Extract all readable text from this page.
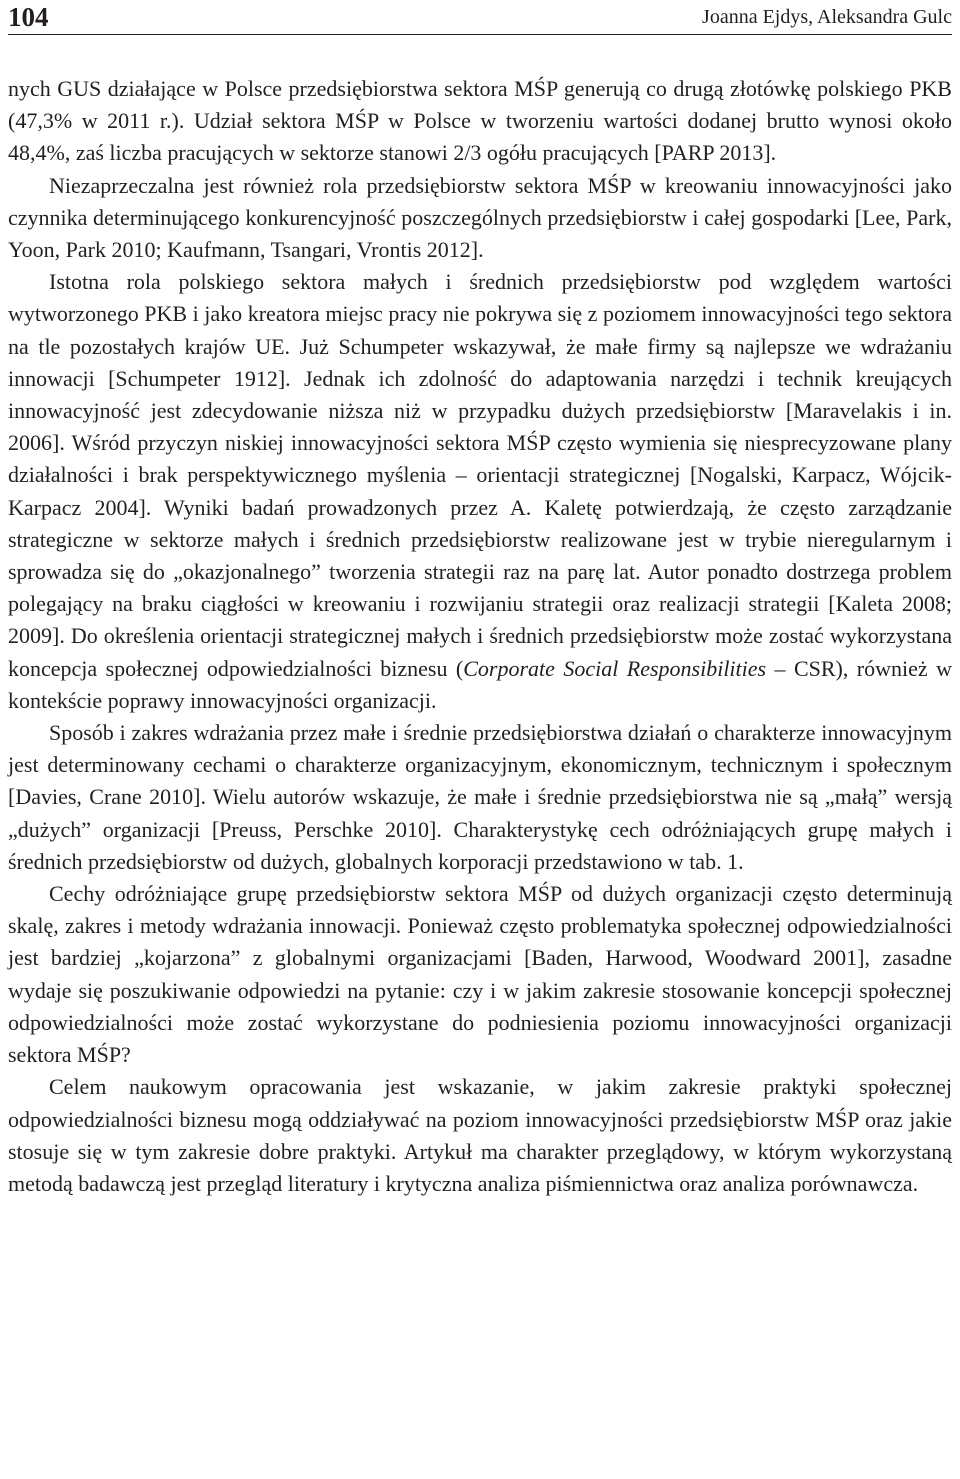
104	Joanna Ejdys, Aleksandra Gulc

nych GUS działające w Polsce przedsiębiorstwa sektora MŚP generują co drugą złotówkę polskiego PKB (47,3% w 2011 r.). Udział sektora MŚP w Polsce w tworzeniu wartości dodanej brutto wynosi około 48,4%, zaś liczba pracujących w sektorze stanowi 2/3 ogółu pracujących [PARP 2013].

Niezaprzeczalna jest również rola przedsiębiorstw sektora MŚP w kreowaniu innowacyjności jako czynnika determinującego konkurencyjność poszczególnych przedsiębiorstw i całej gospodarki [Lee, Park, Yoon, Park 2010; Kaufmann, Tsangari, Vrontis 2012].

Istotna rola polskiego sektora małych i średnich przedsiębiorstw pod względem wartości wytworzonego PKB i jako kreatora miejsc pracy nie pokrywa się z poziomem innowacyjności tego sektora na tle pozostałych krajów UE. Już Schumpeter wskazywał, że małe firmy są najlepsze we wdrażaniu innowacji [Schumpeter 1912]. Jednak ich zdolność do adaptowania narzędzi i technik kreujących innowacyjność jest zdecydowanie niższa niż w przypadku dużych przedsiębiorstw [Maravelakis i in. 2006]. Wśród przyczyn niskiej innowacyjności sektora MŚP często wymienia się niesprecyzowane plany działalności i brak perspektywicznego myślenia – orientacji strategicznej [Nogalski, Karpacz, Wójcik-Karpacz 2004]. Wyniki badań prowadzonych przez A. Kaletę potwierdzają, że często zarządzanie strategiczne w sektorze małych i średnich przedsiębiorstw realizowane jest w trybie nieregularnym i sprowadza się do „okazjonalnego” tworzenia strategii raz na parę lat. Autor ponadto dostrzega problem polegający na braku ciągłości w kreowaniu i rozwijaniu strategii oraz realizacji strategii [Kaleta 2008; 2009]. Do określenia orientacji strategicznej małych i średnich przedsiębiorstw może zostać wykorzystana koncepcja społecznej odpowiedzialności biznesu (Corporate Social Responsibilities – CSR), również w kontekście poprawy innowacyjności organizacji.

Sposób i zakres wdrażania przez małe i średnie przedsiębiorstwa działań o charakterze innowacyjnym jest determinowany cechami o charakterze organizacyjnym, ekonomicznym, technicznym i społecznym [Davies, Crane 2010]. Wielu autorów wskazuje, że małe i średnie przedsiębiorstwa nie są „małą” wersją „dużych” organizacji [Preuss, Perschke 2010]. Charakterystykę cech odróżniających grupę małych i średnich przedsiębiorstw od dużych, globalnych korporacji przedstawiono w tab. 1.

Cechy odróżniające grupę przedsiębiorstw sektora MŚP od dużych organizacji często determinują skalę, zakres i metody wdrażania innowacji. Ponieważ często problematyka społecznej odpowiedzialności jest bardziej „kojarzona” z globalnymi organizacjami [Baden, Harwood, Woodward 2001], zasadne wydaje się poszukiwanie odpowiedzi na pytanie: czy i w jakim zakresie stosowanie koncepcji społecznej odpowiedzialności może zostać wykorzystane do podniesienia poziomu innowacyjności organizacji sektora MŚP?

Celem naukowym opracowania jest wskazanie, w jakim zakresie praktyki społecznej odpowiedzialności biznesu mogą oddziaływać na poziom innowacyjności przedsiębiorstw MŚP oraz jakie stosuje się w tym zakresie dobre praktyki. Artykuł ma charakter przeglądowy, w którym wykorzystaną metodą badawczą jest przegląd literatury i krytyczna analiza piśmiennictwa oraz analiza porównawcza.
